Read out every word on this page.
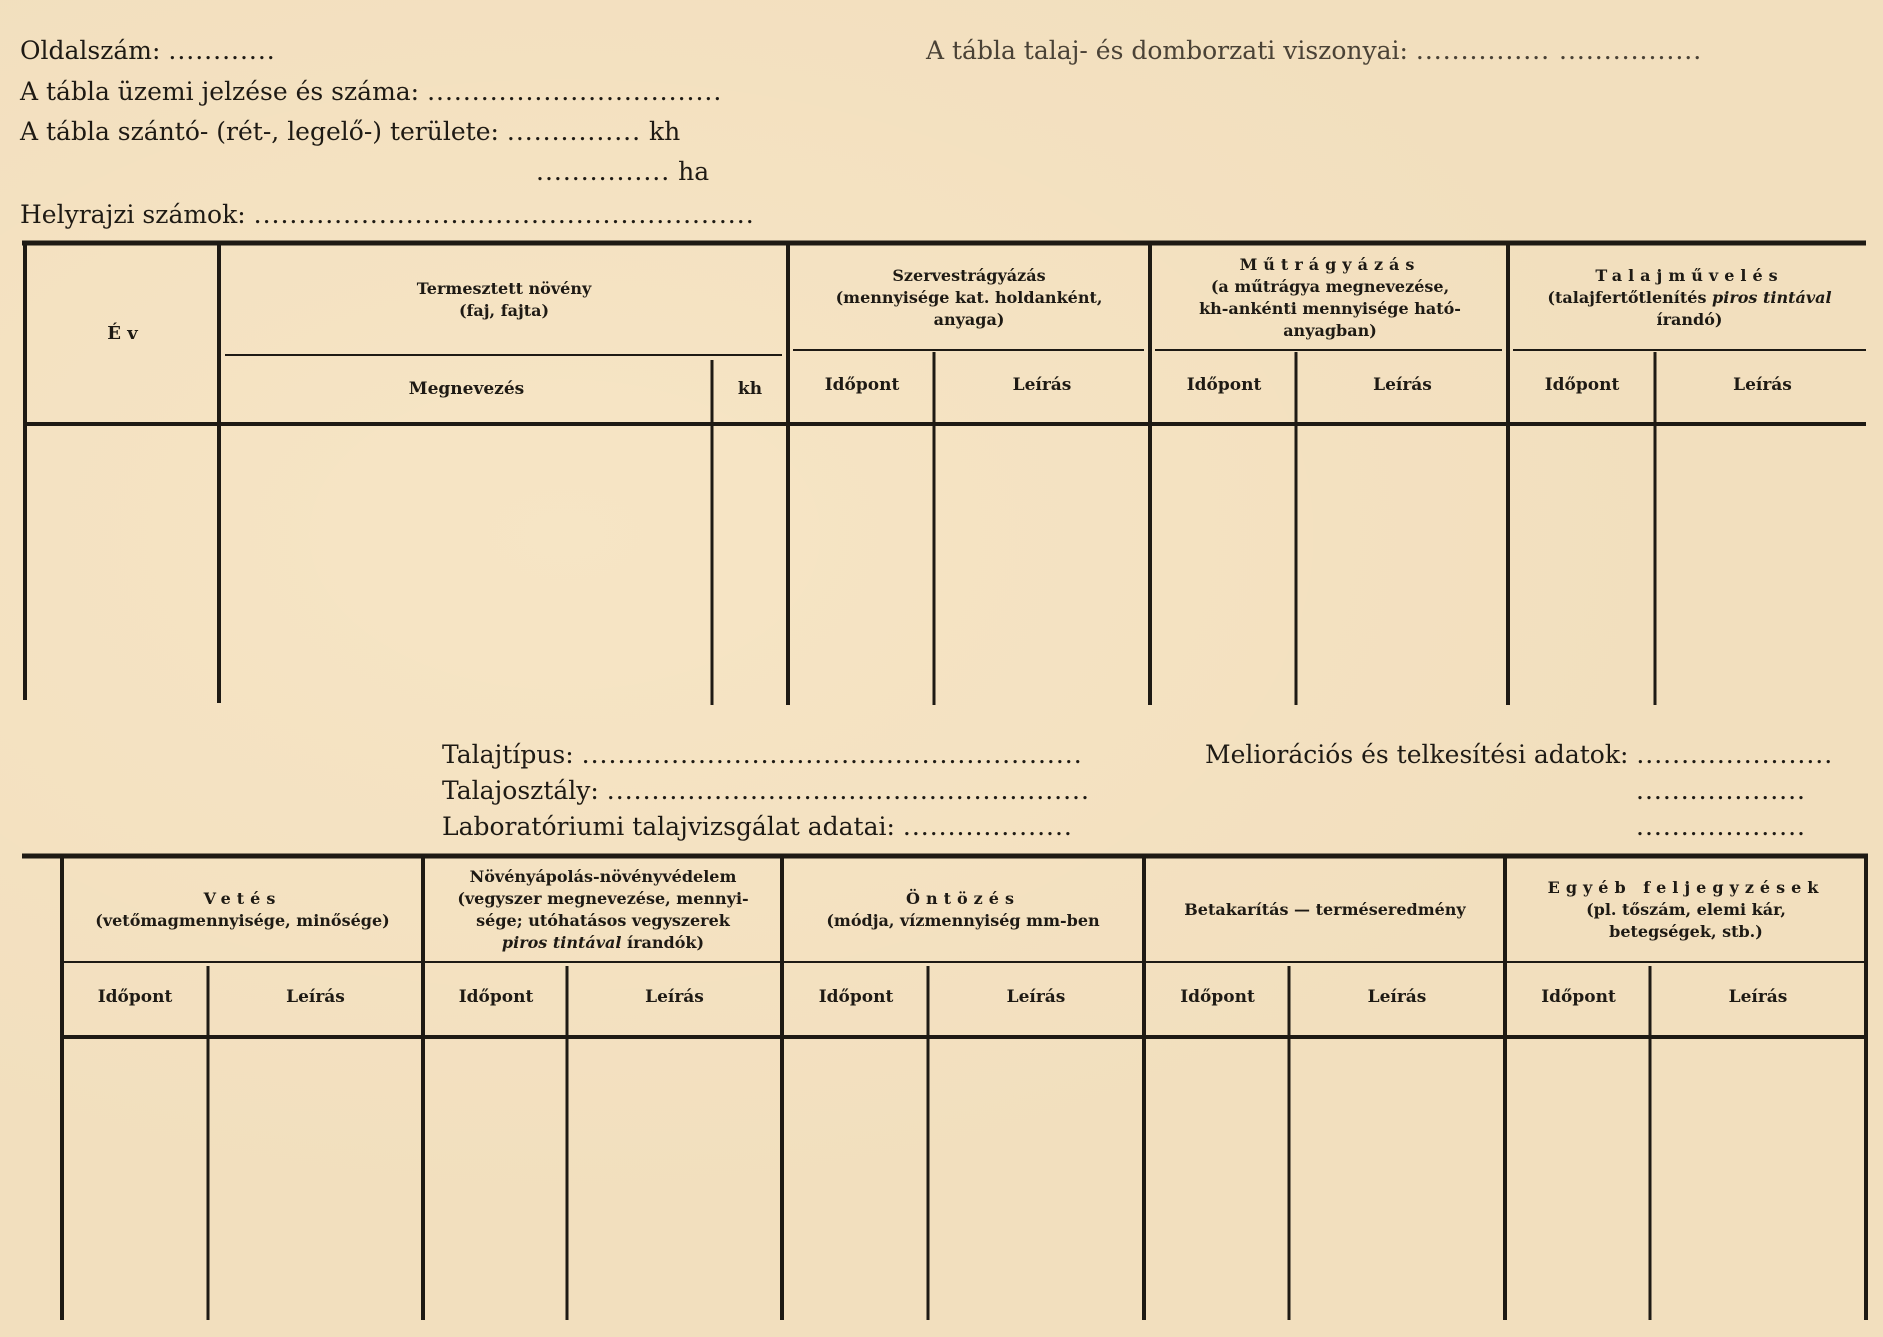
Oldalszám: ............
A tábla üzemi jelzése és száma: .................................
A tábla szántó- (rét-, legelő-) területe: ............... kh
............... ha
Helyrajzi számok: ........................................................
A tábla talaj- és domborzati viszonyai: ............... ................
É v
Termesztett növény
(faj, fajta)
Megnevezés	kh
Szervestrágyázás
(mennyisége kat. holdanként,
anyaga)
Időpont	Leírás
Műtrágyázás
(a műtrágya megnevezése,
kh-ankénti mennyisége ható-
anyagban)
Időpont	Leírás
Talajművelés
(talajfertőtlenítés piros tintával
írandó)
Időpont	Leírás
Talajtípus: ........................................................
Talajosztály: ......................................................
Laboratóriumi talajvizsgálat adatai: ...................
Meliorációs és telkesítési adatok: ......................
...................
...................
Vetés
(vetőmagmennyisége, minősége)
Időpont	Leírás
Növényápolás-növényvédelem
(vegyszer megnevezése, mennyi-
sége; utóhatásos vegyszerek
piros tintával írandók)
Időpont	Leírás
Öntözés
(módja, vízmennyiség mm-ben
Időpont	Leírás
Betakarítás — terméseredmény
Időpont	Leírás
Egyéb feljegyzések
(pl. tőszám, elemi kár,
betegségek, stb.)
Időpont	Leírás
